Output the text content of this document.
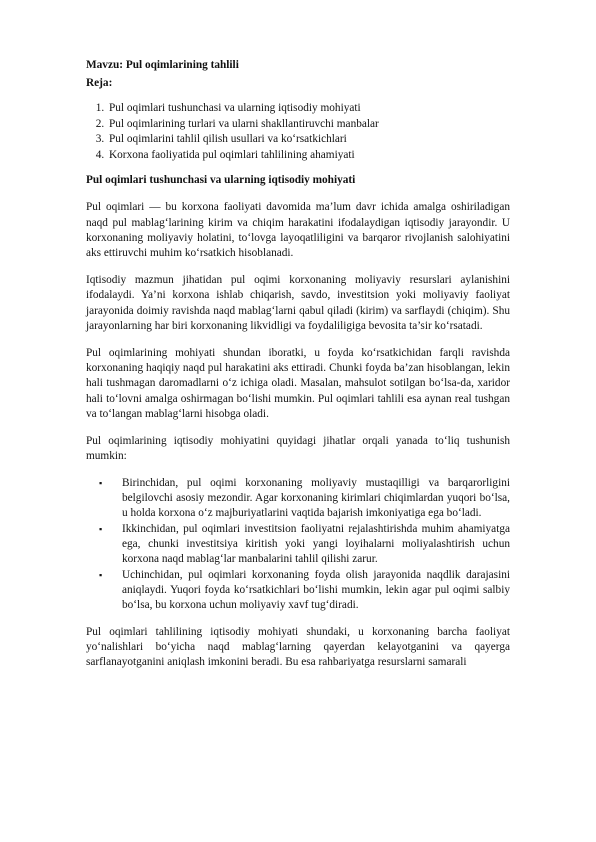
Mavzu: Pul oqimlarining tahlili
Reja:
1. Pul oqimlari tushunchasi va ularning iqtisodiy mohiyati
2. Pul oqimlarining turlari va ularni shakllantiruvchi manbalar
3. Pul oqimlarini tahlil qilish usullari va ko‘rsatkichlari
4. Korxona faoliyatida pul oqimlari tahlilining ahamiyati
Pul oqimlari tushunchasi va ularning iqtisodiy mohiyati

Pul oqimlari — bu korxona faoliyati davomida ma’lum davr ichida amalga oshiriladigan naqd pul mablag‘larining kirim va chiqim harakatini ifodalaydigan iqtisodiy jarayondir. U korxonaning moliyaviy holatini, to‘lovga layoqatliligini va barqaror rivojlanish salohiyatini aks ettiruvchi muhim ko‘rsatkich hisoblanadi.

Iqtisodiy mazmun jihatidan pul oqimi korxonaning moliyaviy resurslari aylanishini ifodalaydi. Ya’ni korxona ishlab chiqarish, savdo, investitsion yoki moliyaviy faoliyat jarayonida doimiy ravishda naqd mablag‘larni qabul qiladi (kirim) va sarflaydi (chiqim). Shu jarayonlarning har biri korxonaning likvidligi va foydaliligiga bevosita ta’sir ko‘rsatadi.

Pul oqimlarining mohiyati shundan iboratki, u foyda ko‘rsatkichidan farqli ravishda korxonaning haqiqiy naqd pul harakatini aks ettiradi. Chunki foyda ba’zan hisoblangan, lekin hali tushmagan daromadlarni o‘z ichiga oladi. Masalan, mahsulot sotilgan bo‘lsa-da, xaridor hali to‘lovni amalga oshirmagan bo‘lishi mumkin. Pul oqimlari tahlili esa aynan real tushgan va to‘langan mablag‘larni hisobga oladi.

Pul oqimlarining iqtisodiy mohiyatini quyidagi jihatlar orqali yanada to‘liq tushunish mumkin:

▪ Birinchidan, pul oqimi korxonaning moliyaviy mustaqilligi va barqarorligini belgilovchi asosiy mezondir. Agar korxonaning kirimlari chiqimlardan yuqori bo‘lsa, u holda korxona o‘z majburiyatlarini vaqtida bajarish imkoniyatiga ega bo‘ladi.
▪ Ikkinchidan, pul oqimlari investitsion faoliyatni rejalashtirishda muhim ahamiyatga ega, chunki investitsiya kiritish yoki yangi loyihalarni moliyalashtirish uchun korxona naqd mablag‘lar manbalarini tahlil qilishi zarur.
▪ Uchinchidan, pul oqimlari korxonaning foyda olish jarayonida naqdlik darajasini aniqlaydi. Yuqori foyda ko‘rsatkichlari bo‘lishi mumkin, lekin agar pul oqimi salbiy bo‘lsa, bu korxona uchun moliyaviy xavf tug‘diradi.

Pul oqimlari tahlilining iqtisodiy mohiyati shundaki, u korxonaning barcha faoliyat yo‘nalishlari bo‘yicha naqd mablag‘larning qayerdan kelayotganini va qayerga sarflanayotganini aniqlash imkonini beradi. Bu esa rahbariyatga resurslarni samarali
